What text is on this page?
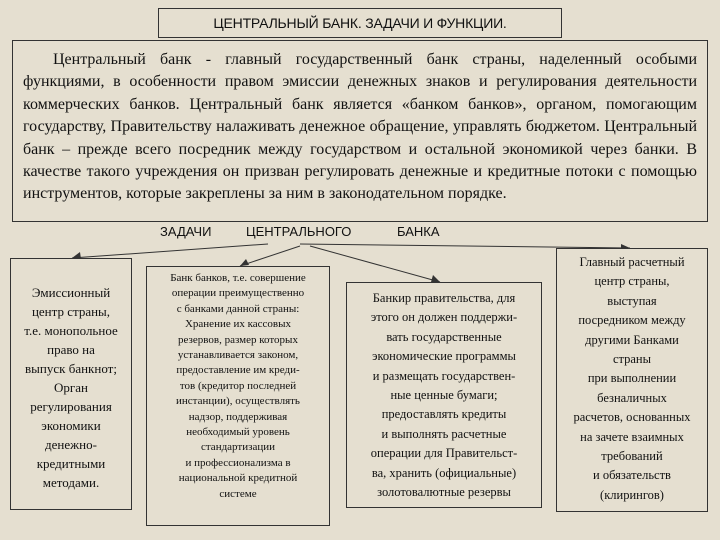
ЦЕНТРАЛЬНЫЙ БАНК. ЗАДАЧИ И ФУНКЦИИ.

Центральный банк - главный государственный банк страны, наделенный особыми функциями, в особенности правом эмиссии денежных знаков и регулирования деятельности коммерческих банков. Центральный банк является «банком банков», органом, помогающим государству, Правительству налаживать денежное обращение, управлять бюджетом. Центральный банк – прежде всего посредник между государством и остальной экономикой через банки. В качестве такого учреждения он призван регулировать денежные и кредитные потоки с помощью инструментов, которые закреплены за ним в законодательном порядке.

ЗАДАЧИ	ЦЕНТРАЛЬНОГО	БАНКА
Эмиссионный
центр страны,
т.е. монопольное
право на
выпуск банкнот;
Орган
регулирования
экономики
денежно-
кредитными
методами.
Банк банков, т.е. совершение
операции преимущественно
с банками данной страны:
Хранение их кассовых
резервов, размер которых
устанавливается законом,
предоставление им креди-
тов (кредитор последней
инстанции), осуществлять
надзор, поддерживая
необходимый уровень
стандартизации
и профессионализма в
национальной кредитной
системе
Банкир правительства, для
этого он должен поддержи-
вать государственные
экономические программы
и размещать государствен-
ные ценные бумаги;
предоставлять кредиты
и выполнять расчетные
операции для Правительст-
ва, хранить (официальные)
золотовалютные резервы
Главный расчетный
центр страны,
выступая
посредником между
другими Банками
страны
при выполнении
безналичных
расчетов, основанных
на зачете взаимных
требований
и обязательств
(клирингов)
